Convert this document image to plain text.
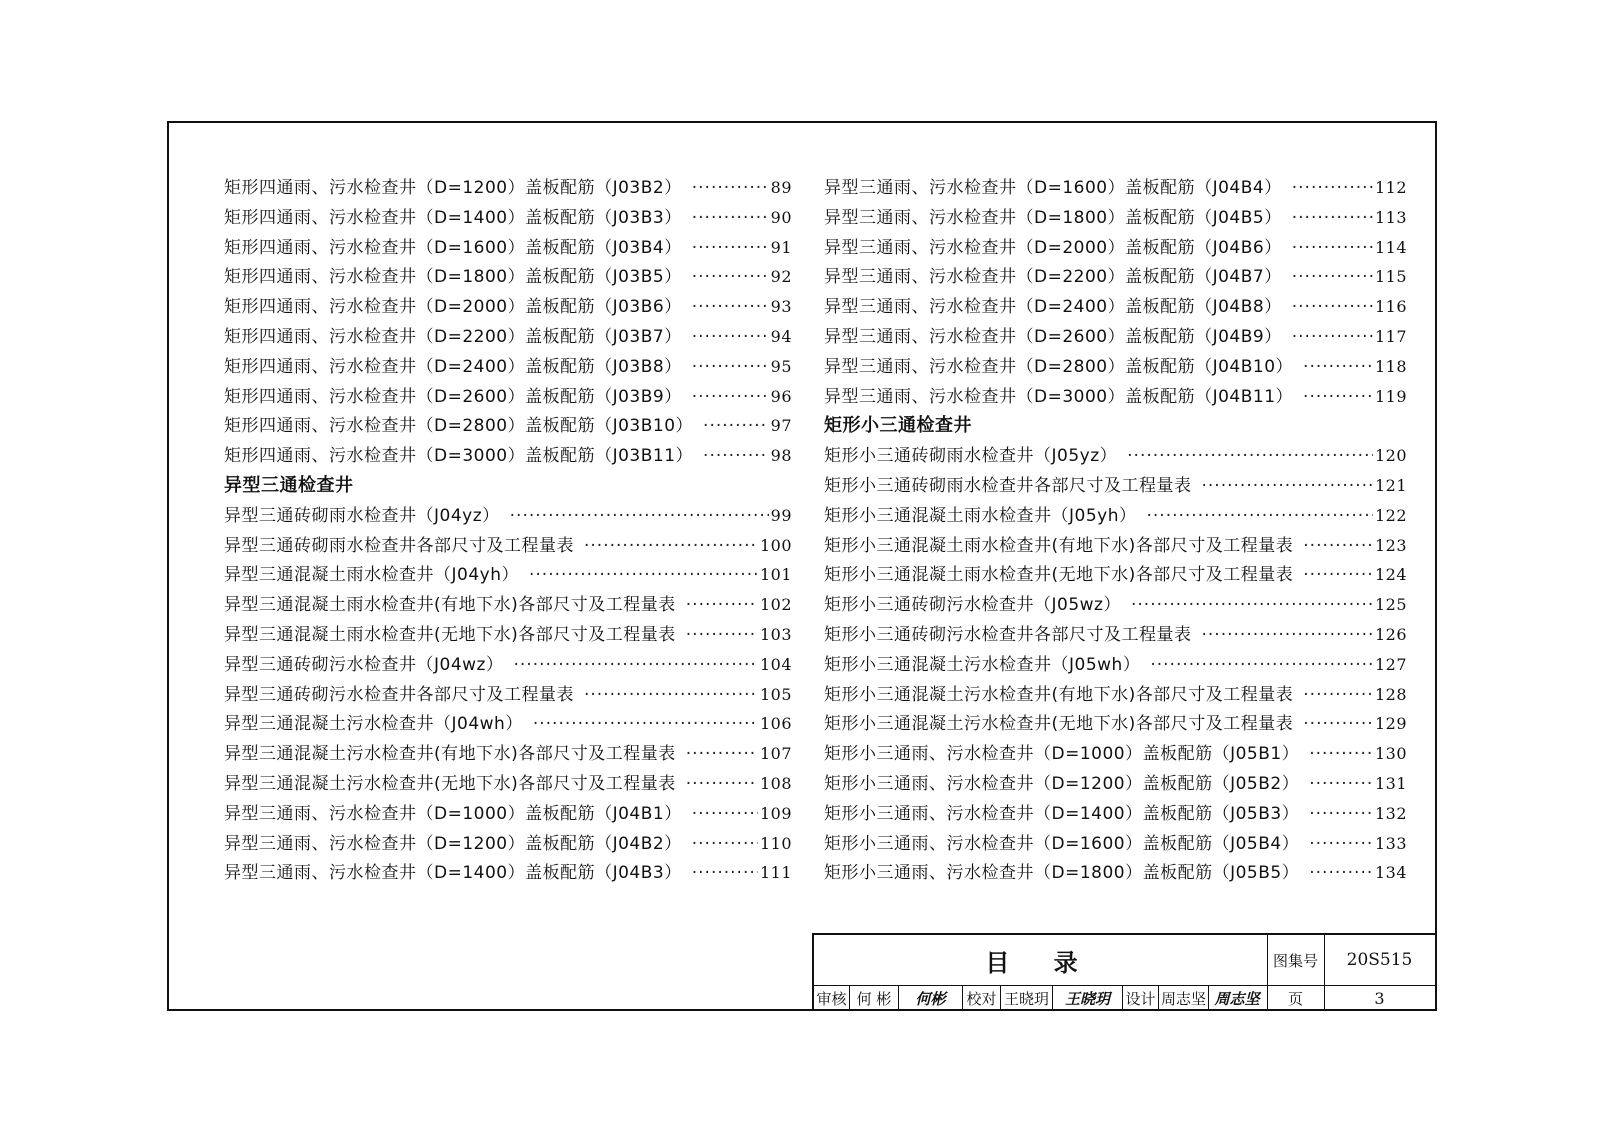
矩形四通雨、污水检查井（D=1200）盖板配筋（J03B2） ·····	89
矩形四通雨、污水检查井（D=1400）盖板配筋（J03B3） ·····	90
矩形四通雨、污水检查井（D=1600）盖板配筋（J03B4） ·····	91
矩形四通雨、污水检查井（D=1800）盖板配筋（J03B5） ·····	92
矩形四通雨、污水检查井（D=2000）盖板配筋（J03B6） ·····	93
矩形四通雨、污水检查井（D=2200）盖板配筋（J03B7） ·····	94
矩形四通雨、污水检查井（D=2400）盖板配筋（J03B8） ·····	95
矩形四通雨、污水检查井（D=2600）盖板配筋（J03B9） ·····	96
矩形四通雨、污水检查井（D=2800）盖板配筋（J03B10） ·····	97
矩形四通雨、污水检查井（D=3000）盖板配筋（J03B11） ·····	98
异型三通检查井
异型三通砖砌雨水检查井（J04yz） ·····	99
异型三通砖砌雨水检查井各部尺寸及工程量表 ·····	100
异型三通混凝土雨水检查井（J04yh） ·····	101
异型三通混凝土雨水检查井(有地下水)各部尺寸及工程量表 ·····	102
异型三通混凝土雨水检查井(无地下水)各部尺寸及工程量表 ·····	103
异型三通砖砌污水检查井（J04wz） ·····	104
异型三通砖砌污水检查井各部尺寸及工程量表 ·····	105
异型三通混凝土污水检查井（J04wh） ·····	106
异型三通混凝土污水检查井(有地下水)各部尺寸及工程量表 ·····	107
异型三通混凝土污水检查井(无地下水)各部尺寸及工程量表 ·····	108
异型三通雨、污水检查井（D=1000）盖板配筋（J04B1） ·····	109
异型三通雨、污水检查井（D=1200）盖板配筋（J04B2） ·····	110
异型三通雨、污水检查井（D=1400）盖板配筋（J04B3） ·····	111
异型三通雨、污水检查井（D=1600）盖板配筋（J04B4） ·····	112
异型三通雨、污水检查井（D=1800）盖板配筋（J04B5） ·····	113
异型三通雨、污水检查井（D=2000）盖板配筋（J04B6） ·····	114
异型三通雨、污水检查井（D=2200）盖板配筋（J04B7） ·····	115
异型三通雨、污水检查井（D=2400）盖板配筋（J04B8） ·····	116
异型三通雨、污水检查井（D=2600）盖板配筋（J04B9） ·····	117
异型三通雨、污水检查井（D=2800）盖板配筋（J04B10） ·····	118
异型三通雨、污水检查井（D=3000）盖板配筋（J04B11） ·····	119
矩形小三通检查井
矩形小三通砖砌雨水检查井（J05yz） ·····	120
矩形小三通砖砌雨水检查井各部尺寸及工程量表 ·····	121
矩形小三通混凝土雨水检查井（J05yh） ·····	122
矩形小三通混凝土雨水检查井(有地下水)各部尺寸及工程量表 ·····	123
矩形小三通混凝土雨水检查井(无地下水)各部尺寸及工程量表 ·····	124
矩形小三通砖砌污水检查井（J05wz） ·····	125
矩形小三通砖砌污水检查井各部尺寸及工程量表 ·····	126
矩形小三通混凝土污水检查井（J05wh） ·····	127
矩形小三通混凝土污水检查井(有地下水)各部尺寸及工程量表 ·····	128
矩形小三通混凝土污水检查井(无地下水)各部尺寸及工程量表 ·····	129
矩形小三通雨、污水检查井（D=1000）盖板配筋（J05B1） ·····	130
矩形小三通雨、污水检查井（D=1200）盖板配筋（J05B2） ·····	131
矩形小三通雨、污水检查井（D=1400）盖板配筋（J05B3） ·····	132
矩形小三通雨、污水检查井（D=1600）盖板配筋（J05B4） ·····	133
矩形小三通雨、污水检查井（D=1800）盖板配筋（J05B5） ·····	134
目 录	图集号	20S515
审核 何 彬	何彬	校对 王晓玥	王晓玥	设计 周志坚 周志坚	页	3
